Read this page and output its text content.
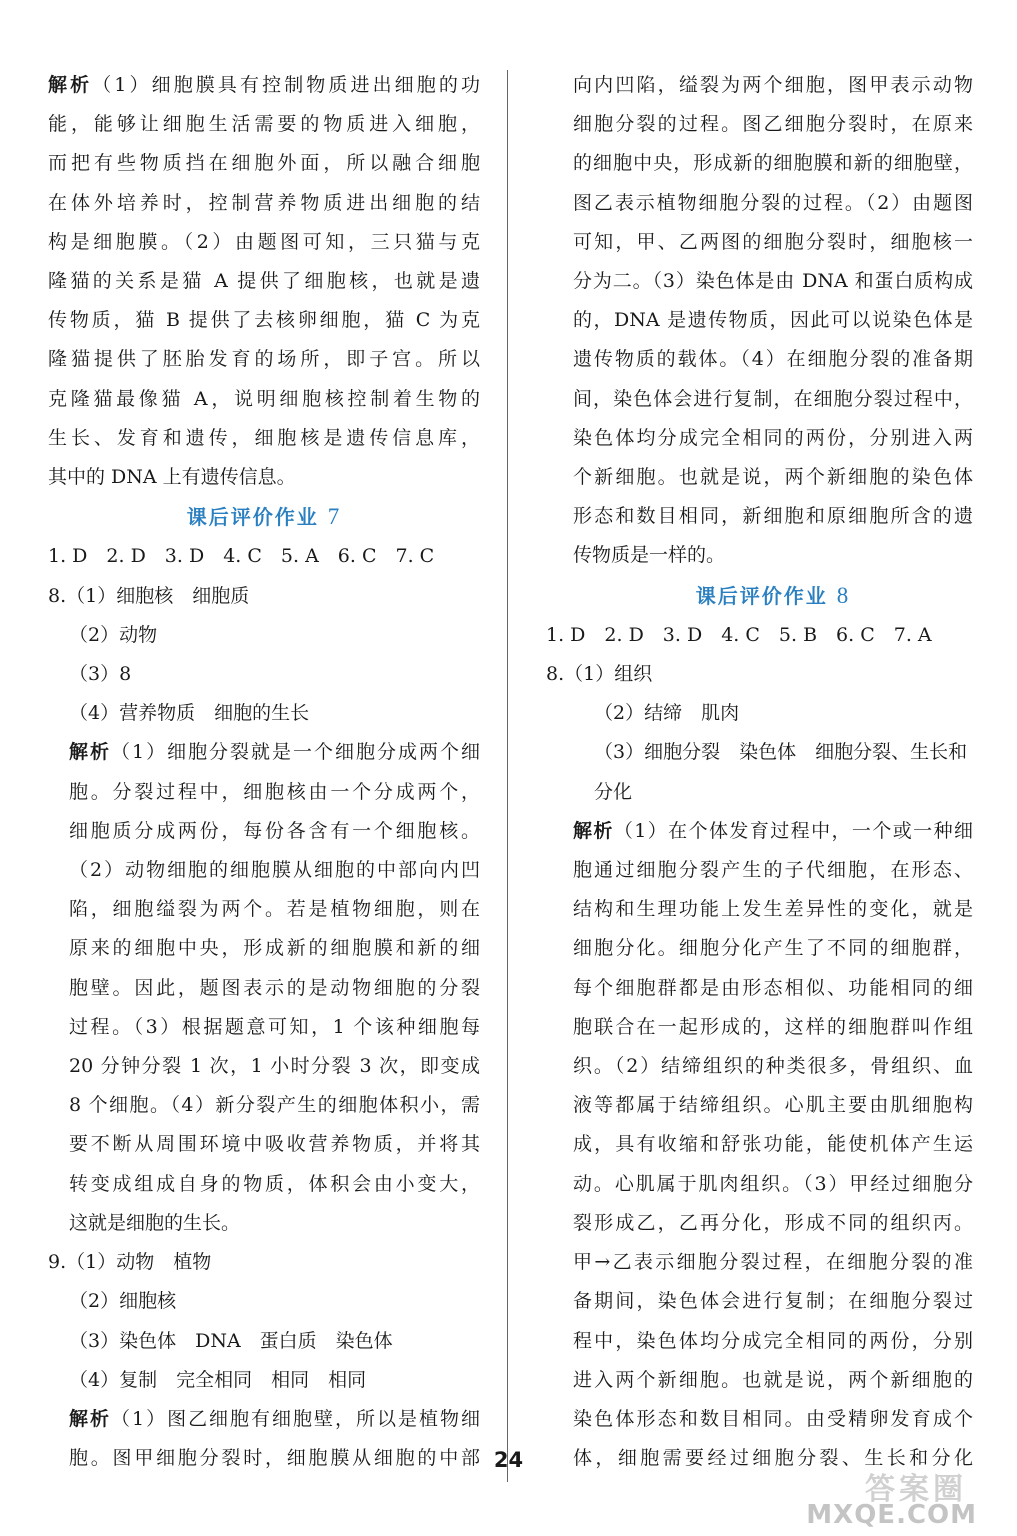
解析（1）细胞膜具有控制物质进出细胞的功
能，能够让细胞生活需要的物质进入细胞，
而把有些物质挡在细胞外面，所以融合细胞
在体外培养时，控制营养物质进出细胞的结
构是细胞膜。（2）由题图可知，三只猫与克
隆猫的关系是猫 A 提供了细胞核，也就是遗
传物质，猫 B 提供了去核卵细胞，猫 C 为克
隆猫提供了胚胎发育的场所，即子宫。所以
克隆猫最像猫 A，说明细胞核控制着生物的
生长、发育和遗传，细胞核是遗传信息库，
其中的 DNA 上有遗传信息。
课后评价作业 7
1. D　2. D　3. D　4. C　5. A　6. C　7. C
8.（1）细胞核　细胞质
（2）动物
（3）8
（4）营养物质　细胞的生长
解析（1）细胞分裂就是一个细胞分成两个细
胞。分裂过程中，细胞核由一个分成两个，
细胞质分成两份，每份各含有一个细胞核。
（2）动物细胞的细胞膜从细胞的中部向内凹
陷，细胞缢裂为两个。若是植物细胞，则在
原来的细胞中央，形成新的细胞膜和新的细
胞壁。因此，题图表示的是动物细胞的分裂
过程。（3）根据题意可知，1 个该种细胞每
20 分钟分裂 1 次，1 小时分裂 3 次，即变成
8 个细胞。（4）新分裂产生的细胞体积小，需
要不断从周围环境中吸收营养物质，并将其
转变成组成自身的物质，体积会由小变大，
这就是细胞的生长。
9.（1）动物　植物
（2）细胞核
（3）染色体　DNA　蛋白质　染色体
（4）复制　完全相同　相同　相同
解析（1）图乙细胞有细胞壁，所以是植物细
胞。图甲细胞分裂时，细胞膜从细胞的中部
向内凹陷，缢裂为两个细胞，图甲表示动物
细胞分裂的过程。图乙细胞分裂时，在原来
的细胞中央，形成新的细胞膜和新的细胞壁，
图乙表示植物细胞分裂的过程。（2）由题图
可知，甲、乙两图的细胞分裂时，细胞核一
分为二。（3）染色体是由 DNA 和蛋白质构成
的，DNA 是遗传物质，因此可以说染色体是
遗传物质的载体。（4）在细胞分裂的准备期
间，染色体会进行复制，在细胞分裂过程中，
染色体均分成完全相同的两份，分别进入两
个新细胞。也就是说，两个新细胞的染色体
形态和数目相同，新细胞和原细胞所含的遗
传物质是一样的。
课后评价作业 8
1. D　2. D　3. D　4. C　5. B　6. C　7. A
8.（1）组织
（2）结缔　肌肉
（3）细胞分裂　染色体　细胞分裂、生长和
分化
解析（1）在个体发育过程中，一个或一种细
胞通过细胞分裂产生的子代细胞，在形态、
结构和生理功能上发生差异性的变化，就是
细胞分化。细胞分化产生了不同的细胞群，
每个细胞群都是由形态相似、功能相同的细
胞联合在一起形成的，这样的细胞群叫作组
织。（2）结缔组织的种类很多，骨组织、血
液等都属于结缔组织。心肌主要由肌细胞构
成，具有收缩和舒张功能，能使机体产生运
动。心肌属于肌肉组织。（3）甲经过细胞分
裂形成乙，乙再分化，形成不同的组织丙。
甲→乙表示细胞分裂过程，在细胞分裂的准
备期间，染色体会进行复制；在细胞分裂过
程中，染色体均分成完全相同的两份，分别
进入两个新细胞。也就是说，两个新细胞的
染色体形态和数目相同。由受精卵发育成个
体，细胞需要经过细胞分裂、生长和分化
24
答案圈
MXQE.COM
